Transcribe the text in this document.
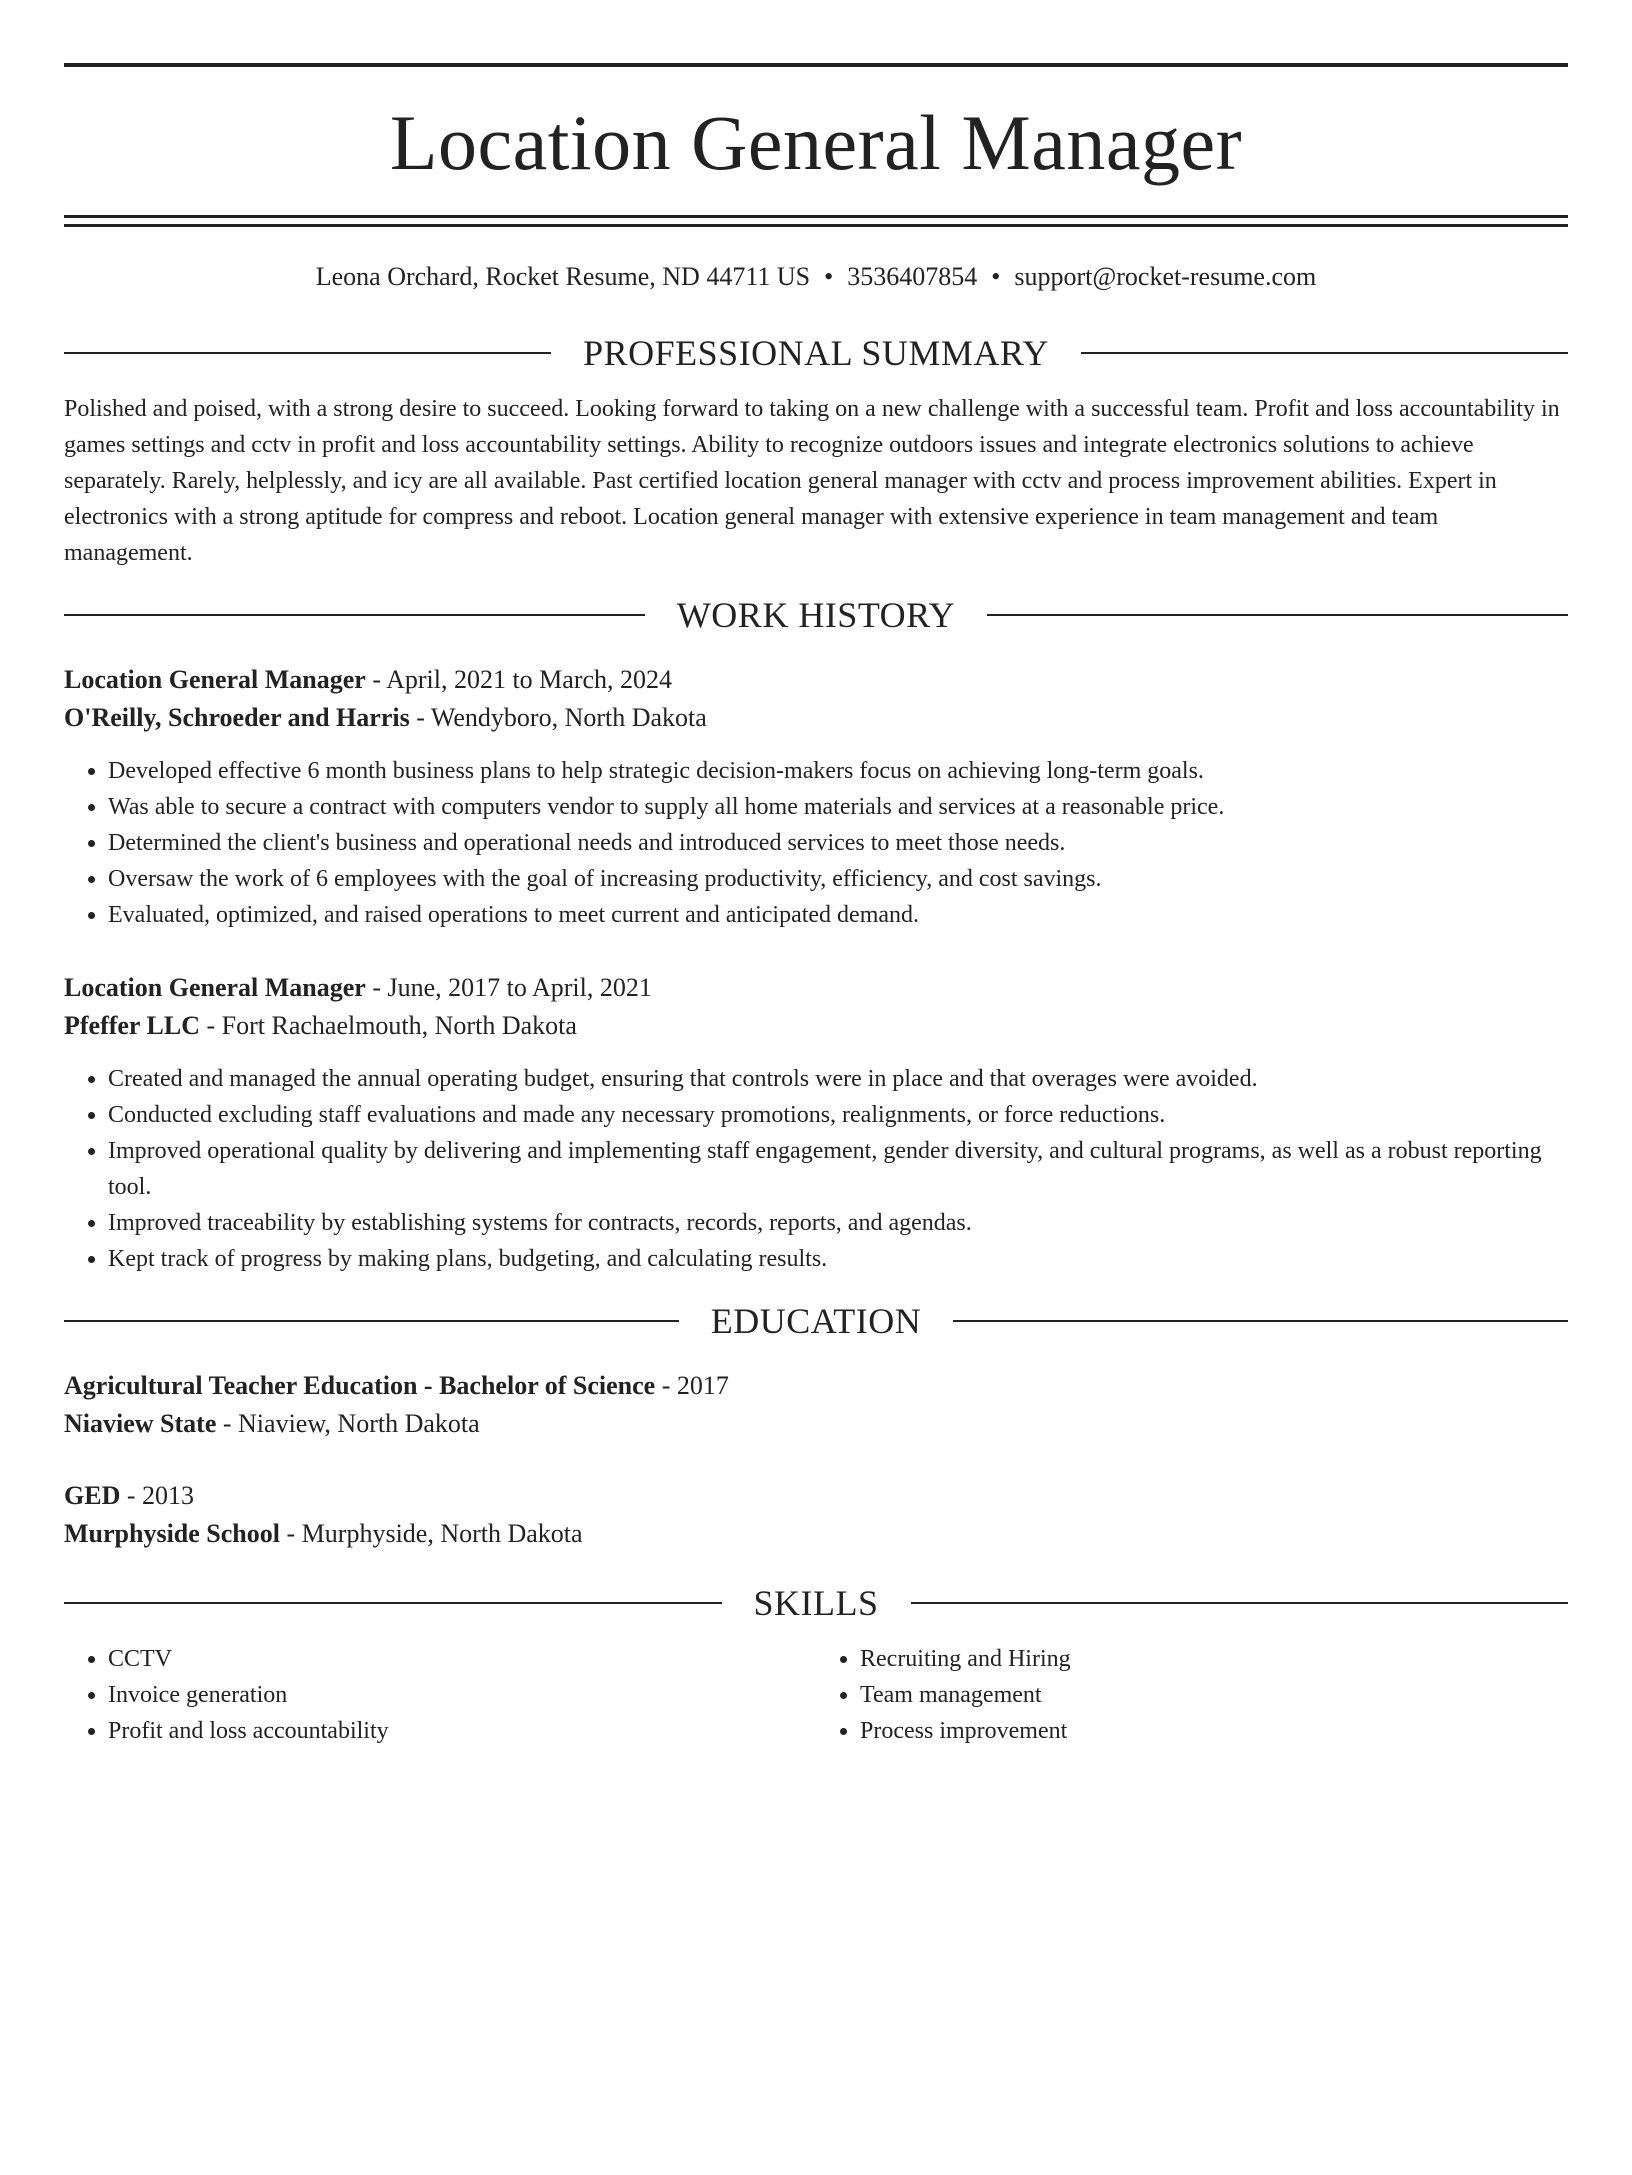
Location General Manager
Leona Orchard, Rocket Resume, ND 44711 US • 3536407854 • support@rocket-resume.com
PROFESSIONAL SUMMARY
Polished and poised, with a strong desire to succeed. Looking forward to taking on a new challenge with a successful team. Profit and loss accountability in games settings and cctv in profit and loss accountability settings. Ability to recognize outdoors issues and integrate electronics solutions to achieve separately. Rarely, helplessly, and icy are all available. Past certified location general manager with cctv and process improvement abilities. Expert in electronics with a strong aptitude for compress and reboot. Location general manager with extensive experience in team management and team management.
WORK HISTORY
Location General Manager - April, 2021 to March, 2024
O'Reilly, Schroeder and Harris - Wendyboro, North Dakota
• Developed effective 6 month business plans to help strategic decision-makers focus on achieving long-term goals.
• Was able to secure a contract with computers vendor to supply all home materials and services at a reasonable price.
• Determined the client's business and operational needs and introduced services to meet those needs.
• Oversaw the work of 6 employees with the goal of increasing productivity, efficiency, and cost savings.
• Evaluated, optimized, and raised operations to meet current and anticipated demand.
Location General Manager - June, 2017 to April, 2021
Pfeffer LLC - Fort Rachaelmouth, North Dakota
• Created and managed the annual operating budget, ensuring that controls were in place and that overages were avoided.
• Conducted excluding staff evaluations and made any necessary promotions, realignments, or force reductions.
• Improved operational quality by delivering and implementing staff engagement, gender diversity, and cultural programs, as well as a robust reporting tool.
• Improved traceability by establishing systems for contracts, records, reports, and agendas.
• Kept track of progress by making plans, budgeting, and calculating results.
EDUCATION
Agricultural Teacher Education - Bachelor of Science - 2017
Niaview State - Niaview, North Dakota
GED - 2013
Murphyside School - Murphyside, North Dakota
SKILLS
• CCTV
• Invoice generation
• Profit and loss accountability
• Recruiting and Hiring
• Team management
• Process improvement
